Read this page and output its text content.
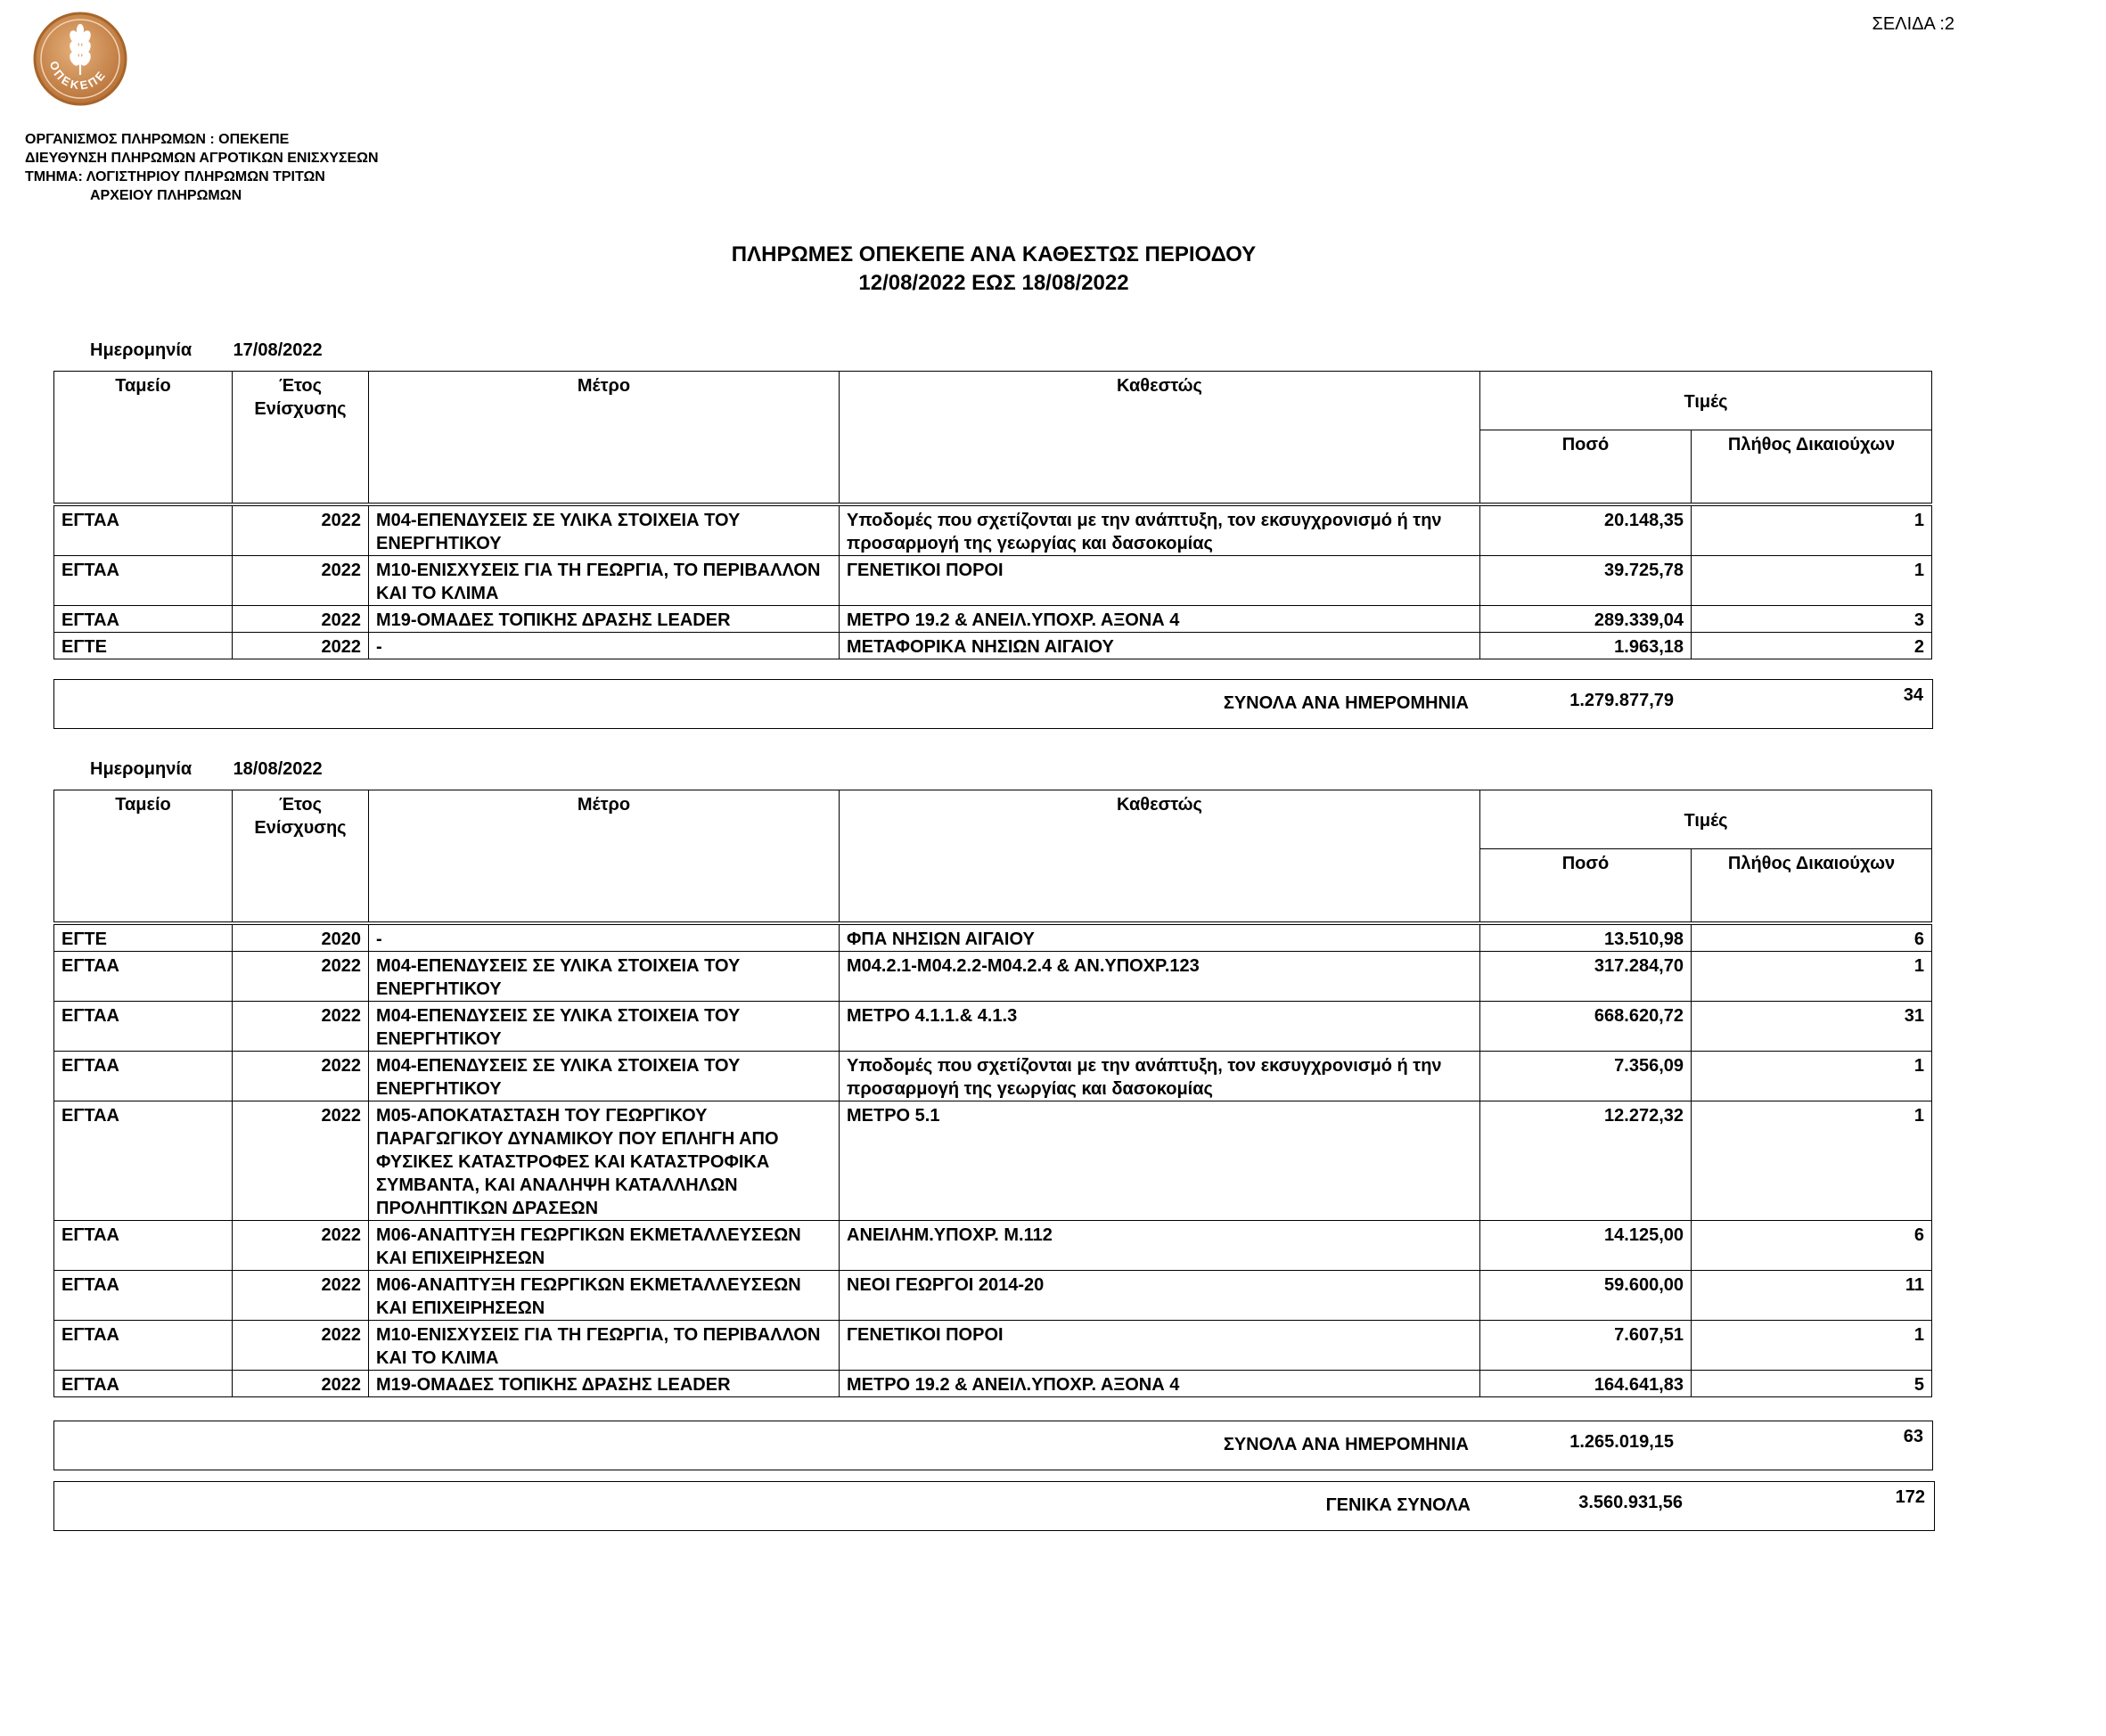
ΟΠΕΚΕΠΕ
ΣΕΛΙΔΑ :2
ΟΡΓΑΝΙΣΜΟΣ ΠΛΗΡΩΜΩΝ : ΟΠΕΚΕΠΕ
ΔΙΕΥΘΥΝΣΗ ΠΛΗΡΩΜΩΝ ΑΓΡΟΤΙΚΩΝ ΕΝΙΣΧΥΣΕΩΝ
ΤΜΗΜΑ: ΛΟΓΙΣΤΗΡΙΟΥ ΠΛΗΡΩΜΩΝ ΤΡΙΤΩΝ
ΑΡΧΕΙΟΥ ΠΛΗΡΩΜΩΝ
ΠΛΗΡΩΜΕΣ ΟΠΕΚΕΠΕ ΑΝΑ ΚΑΘΕΣΤΩΣ ΠΕΡΙΟΔΟΥ
12/08/2022 ΕΩΣ 18/08/2022
Ημερομηνία 17/08/2022
Ταμείο	Έτος Ενίσχυσης	Μέτρο	Καθεστώς	Τιμές	
				Ποσό	Πλήθος Δικαιούχων

ΕΓΤΑΑ	2022	Μ04-ΕΠΕΝΔΥΣΕΙΣ ΣΕ ΥΛΙΚΑ ΣΤΟΙΧΕΙΑ ΤΟΥ ΕΝΕΡΓΗΤΙΚΟΥ	Υποδομές που σχετίζονται με την ανάπτυξη, τον εκσυγχρονισμό ή την προσαρμογή της γεωργίας και δασοκομίας	20.148,35	1
ΕΓΤΑΑ	2022	Μ10-ΕΝΙΣΧΥΣΕΙΣ ΓΙΑ ΤΗ ΓΕΩΡΓΙΑ, ΤΟ ΠΕΡΙΒΑΛΛΟΝ ΚΑΙ ΤΟ ΚΛΙΜΑ	ΓΕΝΕΤΙΚΟΙ ΠΟΡΟΙ	39.725,78	1
ΕΓΤΑΑ	2022	Μ19-ΟΜΑΔΕΣ ΤΟΠΙΚΗΣ ΔΡΑΣΗΣ LEADER	ΜΕΤΡΟ 19.2 & ΑΝΕΙΛ.ΥΠΟΧΡ. ΑΞΟΝΑ 4	289.339,04	3
ΕΓΤΕ	2022	-	ΜΕΤΑΦΟΡΙΚΑ ΝΗΣΙΩΝ ΑΙΓΑΙΟΥ	1.963,18	2
ΣΥΝΟΛΑ ΑΝΑ ΗΜΕΡΟΜΗΝΙΑ	1.279.877,79	34
Ημερομηνία 18/08/2022
Ταμείο	Έτος Ενίσχυσης	Μέτρο	Καθεστώς	Τιμές	
				Ποσό	Πλήθος Δικαιούχων

ΕΓΤΕ	2020	-	ΦΠΑ ΝΗΣΙΩΝ ΑΙΓΑΙΟΥ	13.510,98	6
ΕΓΤΑΑ	2022	Μ04-ΕΠΕΝΔΥΣΕΙΣ ΣΕ ΥΛΙΚΑ ΣΤΟΙΧΕΙΑ ΤΟΥ ΕΝΕΡΓΗΤΙΚΟΥ	Μ04.2.1-Μ04.2.2-Μ04.2.4 & ΑΝ.ΥΠΟΧΡ.123	317.284,70	1
ΕΓΤΑΑ	2022	Μ04-ΕΠΕΝΔΥΣΕΙΣ ΣΕ ΥΛΙΚΑ ΣΤΟΙΧΕΙΑ ΤΟΥ ΕΝΕΡΓΗΤΙΚΟΥ	ΜΕΤΡΟ 4.1.1.& 4.1.3	668.620,72	31
ΕΓΤΑΑ	2022	Μ04-ΕΠΕΝΔΥΣΕΙΣ ΣΕ ΥΛΙΚΑ ΣΤΟΙΧΕΙΑ ΤΟΥ ΕΝΕΡΓΗΤΙΚΟΥ	Υποδομές που σχετίζονται με την ανάπτυξη, τον εκσυγχρονισμό ή την προσαρμογή της γεωργίας και δασοκομίας	7.356,09	1
ΕΓΤΑΑ	2022	Μ05-ΑΠΟΚΑΤΑΣΤΑΣΗ ΤΟΥ ΓΕΩΡΓΙΚΟΥ ΠΑΡΑΓΩΓΙΚΟΥ ΔΥΝΑΜΙΚΟΥ ΠΟΥ ΕΠΛΗΓΗ ΑΠΟ ΦΥΣΙΚΕΣ ΚΑΤΑΣΤΡΟΦΕΣ ΚΑΙ ΚΑΤΑΣΤΡΟΦΙΚΑ ΣΥΜΒΑΝΤΑ, ΚΑΙ ΑΝΑΛΗΨΗ ΚΑΤΑΛΛΗΛΩΝ ΠΡΟΛΗΠΤΙΚΩΝ ΔΡΑΣΕΩΝ	ΜΕΤΡΟ 5.1	12.272,32	1
ΕΓΤΑΑ	2022	Μ06-ΑΝΑΠΤΥΞΗ ΓΕΩΡΓΙΚΩΝ ΕΚΜΕΤΑΛΛΕΥΣΕΩΝ ΚΑΙ ΕΠΙΧΕΙΡΗΣΕΩΝ	ΑΝΕΙΛΗΜ.ΥΠΟΧΡ. Μ.112	14.125,00	6
ΕΓΤΑΑ	2022	Μ06-ΑΝΑΠΤΥΞΗ ΓΕΩΡΓΙΚΩΝ ΕΚΜΕΤΑΛΛΕΥΣΕΩΝ ΚΑΙ ΕΠΙΧΕΙΡΗΣΕΩΝ	ΝΕΟΙ ΓΕΩΡΓΟΙ 2014-20	59.600,00	11
ΕΓΤΑΑ	2022	Μ10-ΕΝΙΣΧΥΣΕΙΣ ΓΙΑ ΤΗ ΓΕΩΡΓΙΑ, ΤΟ ΠΕΡΙΒΑΛΛΟΝ ΚΑΙ ΤΟ ΚΛΙΜΑ	ΓΕΝΕΤΙΚΟΙ ΠΟΡΟΙ	7.607,51	1
ΕΓΤΑΑ	2022	Μ19-ΟΜΑΔΕΣ ΤΟΠΙΚΗΣ ΔΡΑΣΗΣ LEADER	ΜΕΤΡΟ 19.2 & ΑΝΕΙΛ.ΥΠΟΧΡ. ΑΞΟΝΑ 4	164.641,83	5
ΣΥΝΟΛΑ ΑΝΑ ΗΜΕΡΟΜΗΝΙΑ	1.265.019,15	63
ΓΕΝΙΚΑ ΣΥΝΟΛΑ	3.560.931,56	172
